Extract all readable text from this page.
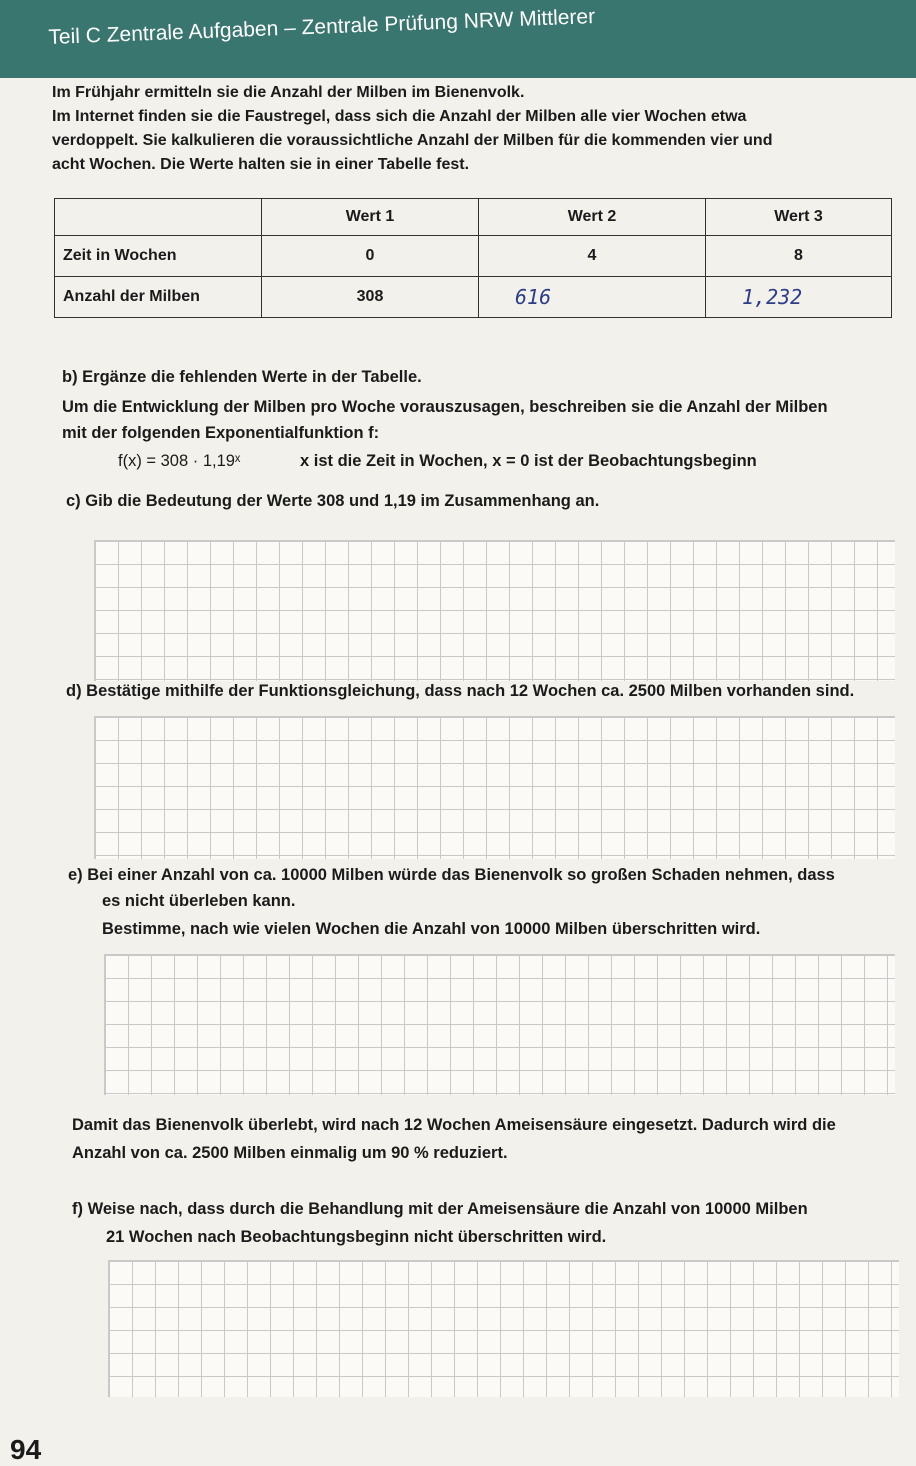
Teil C Zentrale Aufgaben – Zentrale Prüfung NRW Mittlerer
Im Frühjahr ermitteln sie die Anzahl der Milben im Bienenvolk.
Im Internet finden sie die Faustregel, dass sich die Anzahl der Milben alle vier Wochen etwa
verdoppelt. Sie kalkulieren die voraussichtliche Anzahl der Milben für die kommenden vier und
acht Wochen. Die Werte halten sie in einer Tabelle fest.
	Wert 1	Wert 2	Wert 3
Zeit in Wochen	0	4	8
Anzahl der Milben	308	616	1,232
b) Ergänze die fehlenden Werte in der Tabelle.
Um die Entwicklung der Milben pro Woche vorauszusagen, beschreiben sie die Anzahl der Milben
mit der folgenden Exponentialfunktion f:
f(x) = 308 · 1,19ˣ	x ist die Zeit in Wochen, x = 0 ist der Beobachtungsbeginn
c) Gib die Bedeutung der Werte 308 und 1,19 im Zusammenhang an.
d) Bestätige mithilfe der Funktionsgleichung, dass nach 12 Wochen ca. 2500 Milben vorhanden sind.
e) Bei einer Anzahl von ca. 10000 Milben würde das Bienenvolk so großen Schaden nehmen, dass
es nicht überleben kann.
Bestimme, nach wie vielen Wochen die Anzahl von 10000 Milben überschritten wird.
Damit das Bienenvolk überlebt, wird nach 12 Wochen Ameisensäure eingesetzt. Dadurch wird die
Anzahl von ca. 2500 Milben einmalig um 90 % reduziert.
f) Weise nach, dass durch die Behandlung mit der Ameisensäure die Anzahl von 10000 Milben
21 Wochen nach Beobachtungsbeginn nicht überschritten wird.
94
